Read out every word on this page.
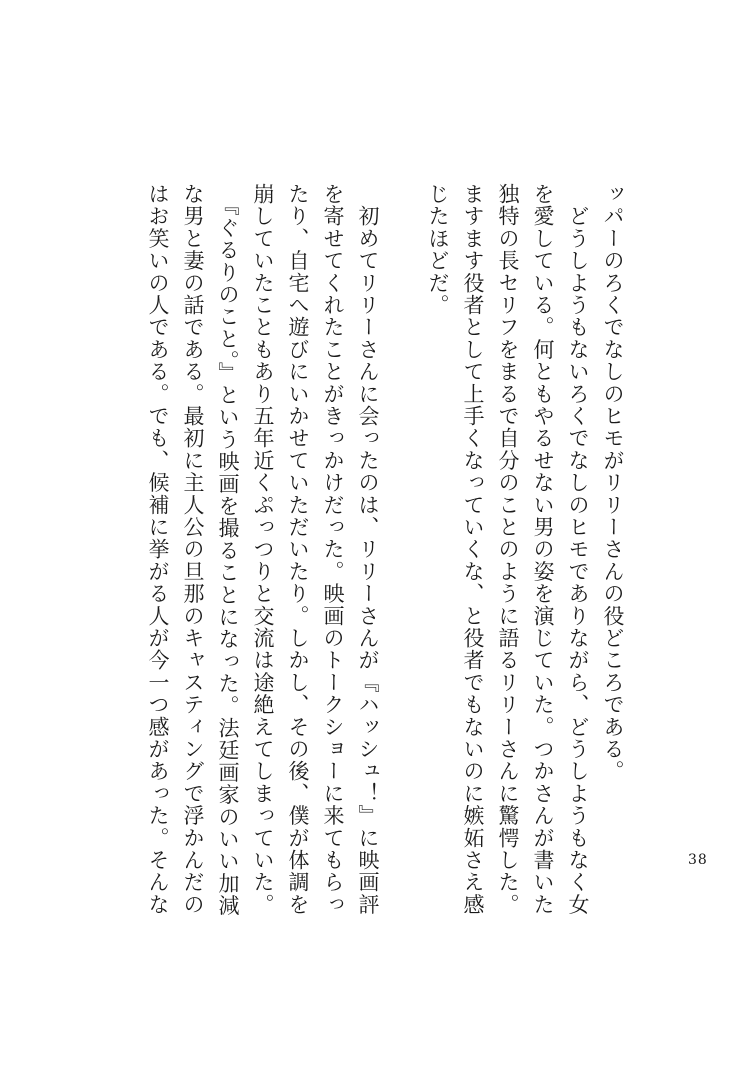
ッパーのろくでなしのヒモがリリーさんの役どころである。
　どうしようもないろくでなしのヒモでありながら、どうしようもなく女
を愛している。何ともやるせない男の姿を演じていた。つかさんが書いた
独特の長セリフをまるで自分のことのように語るリリーさんに驚愕した。
ますます役者として上手くなっていくな、と役者でもないのに嫉妬さえ感
じたほどだ。
　初めてリリーさんに会ったのは、リリーさんが『ハッシュ！』に映画評
を寄せてくれたことがきっかけだった。映画のトークショーに来てもらっ
たり、自宅へ遊びにいかせていただいたり。しかし、その後、僕が体調を
崩していたこともあり五年近くぷっつりと交流は途絶えてしまっていた。
　『ぐるりのこと。』という映画を撮ることになった。法廷画家のいい加減
な男と妻の話である。最初に主人公の旦那のキャスティングで浮かんだの
はお笑いの人である。でも、候補に挙がる人が今一つ感があった。そんな	38
